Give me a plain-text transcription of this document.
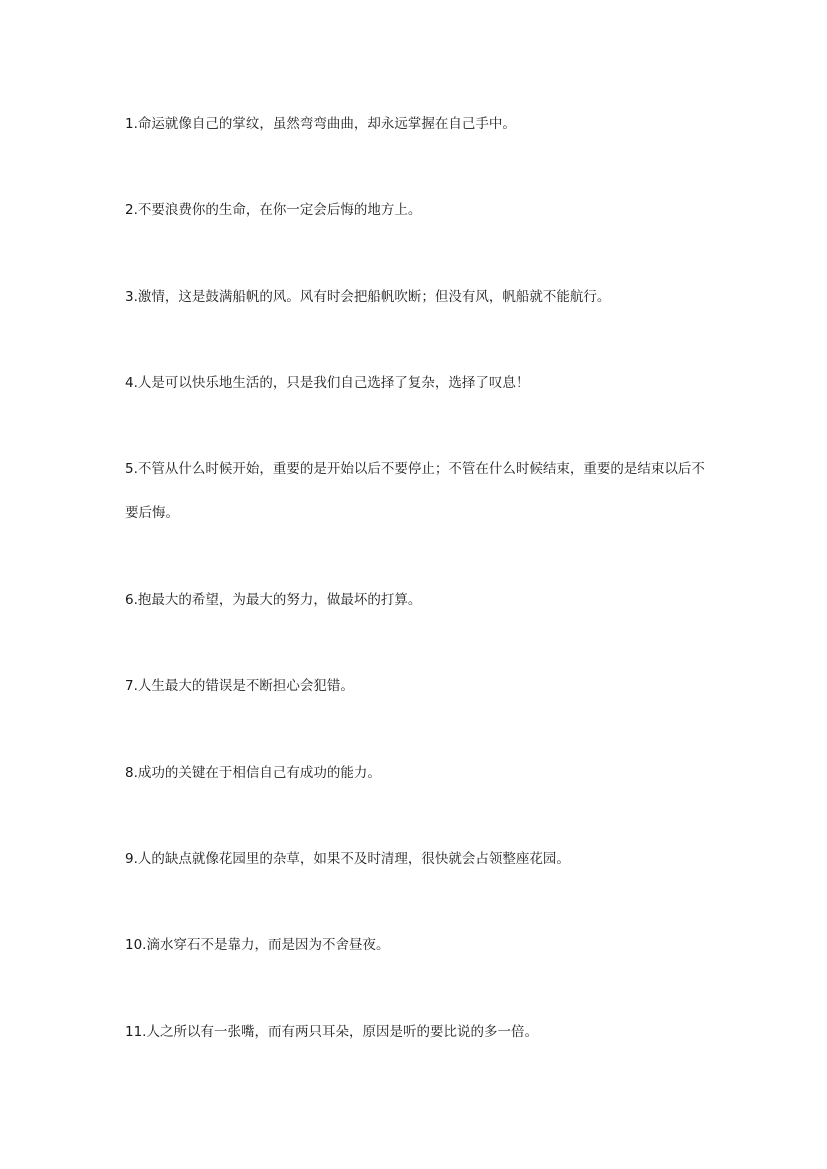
1.命运就像自己的掌纹，虽然弯弯曲曲，却永远掌握在自己手中。

2.不要浪费你的生命，在你一定会后悔的地方上。

3.激情，这是鼓满船帆的风。风有时会把船帆吹断；但没有风，帆船就不能航行。

4.人是可以快乐地生活的，只是我们自己选择了复杂，选择了叹息！

5.不管从什么时候开始，重要的是开始以后不要停止；不管在什么时候结束，重要的是结束以后不要后悔。

6.抱最大的希望，为最大的努力，做最坏的打算。

7.人生最大的错误是不断担心会犯错。

8.成功的关键在于相信自己有成功的能力。

9.人的缺点就像花园里的杂草，如果不及时清理，很快就会占领整座花园。

10.滴水穿石不是靠力，而是因为不舍昼夜。

11.人之所以有一张嘴，而有两只耳朵，原因是听的要比说的多一倍。
